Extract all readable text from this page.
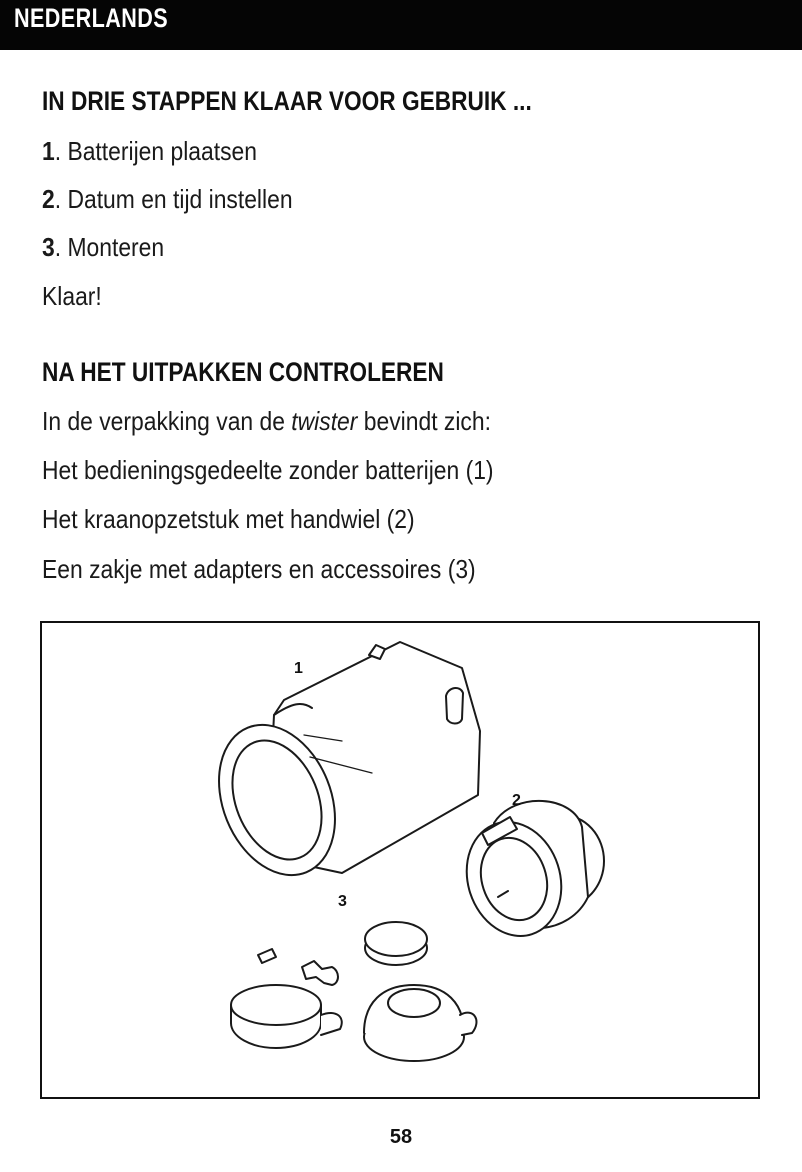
NEDERLANDS
IN DRIE STAPPEN KLAAR VOOR GEBRUIK ...
1. Batterijen plaatsen
2. Datum en tijd instellen
3. Monteren
Klaar!
NA HET UITPAKKEN CONTROLEREN
In de verpakking van de twister bevindt zich:
Het bedieningsgedeelte zonder batterijen (1)
Het kraanopzetstuk met handwiel (2)
Een zakje met adapters en accessoires (3)
1
2
3
58
